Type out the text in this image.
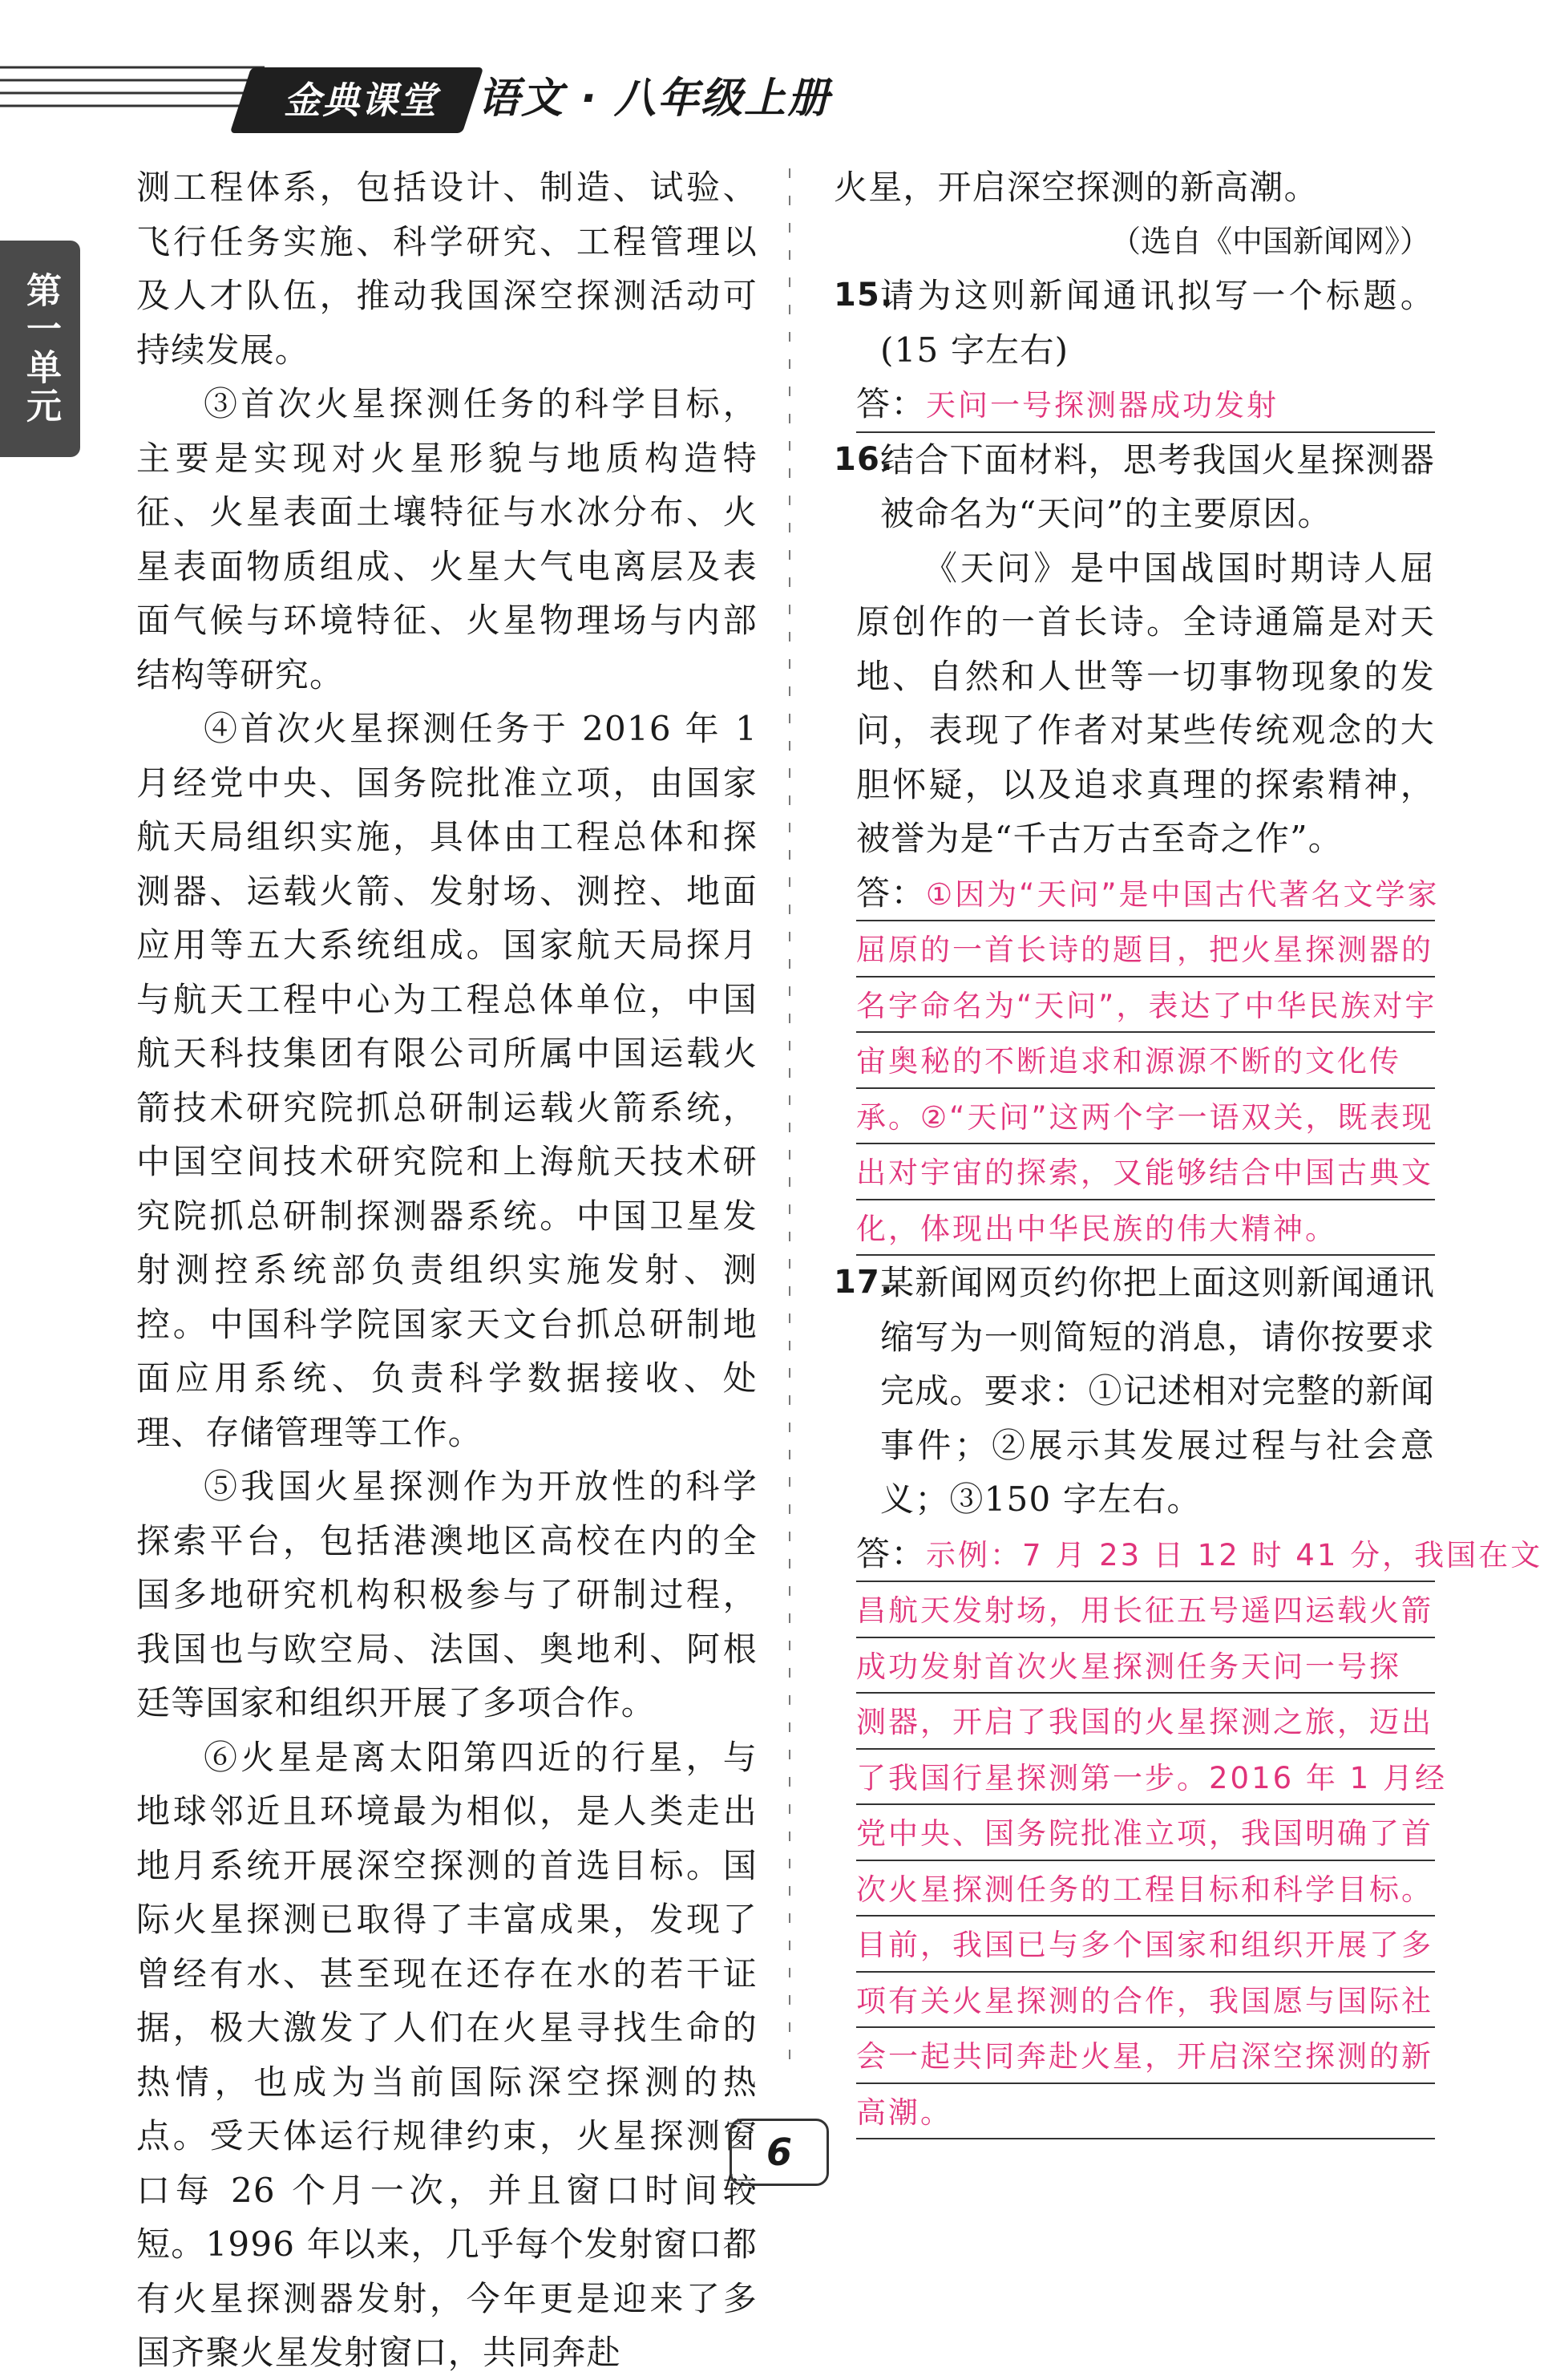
金典课堂 语文 · 八年级上册
第一单元

测工程体系，包括设计、制造、试验、飞行任务实施、科学研究、工程管理以及人才队伍，推动我国深空探测活动可持续发展。

③首次火星探测任务的科学目标，主要是实现对火星形貌与地质构造特征、火星表面土壤特征与水冰分布、火星表面物质组成、火星大气电离层及表面气候与环境特征、火星物理场与内部结构等研究。

④首次火星探测任务于 2016 年 1 月经党中央、国务院批准立项，由国家航天局组织实施，具体由工程总体和探测器、运载火箭、发射场、测控、地面应用等五大系统组成。国家航天局探月与航天工程中心为工程总体单位，中国航天科技集团有限公司所属中国运载火箭技术研究院抓总研制运载火箭系统，中国空间技术研究院和上海航天技术研究院抓总研制探测器系统。中国卫星发射测控系统部负责组织实施发射、测控。中国科学院国家天文台抓总研制地面应用系统、负责科学数据接收、处理、存储管理等工作。

⑤我国火星探测作为开放性的科学探索平台，包括港澳地区高校在内的全国多地研究机构积极参与了研制过程，我国也与欧空局、法国、奥地利、阿根廷等国家和组织开展了多项合作。

⑥火星是离太阳第四近的行星，与地球邻近且环境最为相似，是人类走出地月系统开展深空探测的首选目标。国际火星探测已取得了丰富成果，发现了曾经有水、甚至现在还存在水的若干证据，极大激发了人们在火星寻找生命的热情，也成为当前国际深空探测的热点。受天体运行规律约束，火星探测窗口每 26 个月一次，并且窗口时间较短。1996 年以来，几乎每个发射窗口都有火星探测器发射，今年更是迎来了多国齐聚火星发射窗口，共同奔赴

火星，开启深空探测的新高潮。

（选自《中国新闻网》）

15.
请为这则新闻通讯拟写一个标题。(15 字左右)
答：天问一号探测器成功发射
16.
结合下面材料，思考我国火星探测器被命名为“天问”的主要原因。

《天问》是中国战国时期诗人屈原创作的一首长诗。全诗通篇是对天地、自然和人世等一切事物现象的发问，表现了作者对某些传统观念的大胆怀疑，以及追求真理的探索精神，被誉为是“千古万古至奇之作”。

答：①因为“天问”是中国古代著名文学家
屈原的一首长诗的题目，把火星探测器的
名字命名为“天问”，表达了中华民族对宇
宙奥秘的不断追求和源源不断的文化传
承。②“天问”这两个字一语双关，既表现
出对宇宙的探索，又能够结合中国古典文
化，体现出中华民族的伟大精神。
17.
某新闻网页约你把上面这则新闻通讯缩写为一则简短的消息，请你按要求完成。要求：①记述相对完整的新闻事件；②展示其发展过程与社会意义；③150 字左右。
答：示例：7 月 23 日 12 时 41 分，我国在文
昌航天发射场，用长征五号遥四运载火箭
成功发射首次火星探测任务天问一号探
测器，开启了我国的火星探测之旅，迈出
了我国行星探测第一步。2016 年 1 月经
党中央、国务院批准立项，我国明确了首
次火星探测任务的工程目标和科学目标。
目前，我国已与多个国家和组织开展了多
项有关火星探测的合作，我国愿与国际社
会一起共同奔赴火星，开启深空探测的新
高潮。
6
